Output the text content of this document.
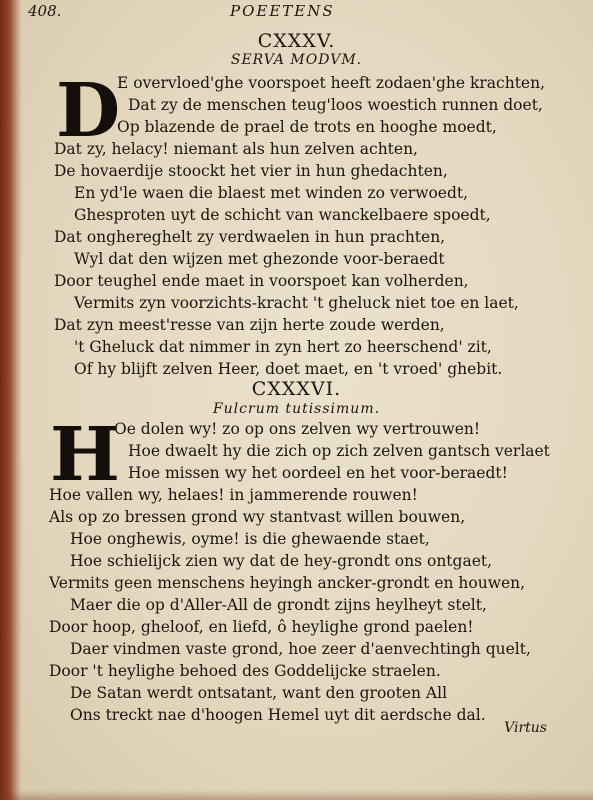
408.	POEETENS
CXXXV.
SERVA MODVM.
D
E overvloed'ghe voorspoet heeft zodaen'ghe krachten,
Dat zy de menschen teug'loos woestich runnen doet,
Op blazende de prael de trots en hooghe moedt,
Dat zy, helacy! niemant als hun zelven achten,
De hovaerdije stoockt het vier in hun ghedachten,
En yd'le waen die blaest met winden zo verwoedt,
Ghesproten uyt de schicht van wanckelbaere spoedt,
Dat onghereghelt zy verdwaelen in hun prachten,
Wyl dat den wijzen met ghezonde voor-beraedt
Door teughel ende maet in voorspoet kan volherden,
Vermits zyn voorzichts-kracht 't gheluck niet toe en laet,
Dat zyn meest'resse van zijn herte zoude werden,
't Gheluck dat nimmer in zyn hert zo heerschend' zit,
Of hy blijft zelven Heer, doet maet, en 't vroed' ghebit.
CXXXVI.
Fulcrum tutissimum.
H
Oe dolen wy! zo op ons zelven wy vertrouwen!
Hoe dwaelt hy die zich op zich zelven gantsch verlaet
Hoe missen wy het oordeel en het voor-beraedt!
Hoe vallen wy, helaes! in jammerende rouwen!
Als op zo bressen grond wy stantvast willen bouwen,
Hoe onghewis, oyme! is die ghewaende staet,
Hoe schielijck zien wy dat de hey-grondt ons ontgaet,
Vermits geen menschens heyingh ancker-grondt en houwen,
Maer die op d'Aller-All de grondt zijns heylheyt stelt,
Door hoop, gheloof, en liefd, ô heylighe grond paelen!
Daer vindmen vaste grond, hoe zeer d'aenvechtingh quelt,
Door 't heylighe behoed des Goddelijcke straelen.
De Satan werdt ontsatant, want den grooten All
Ons treckt nae d'hoogen Hemel uyt dit aerdsche dal.
Virtus
